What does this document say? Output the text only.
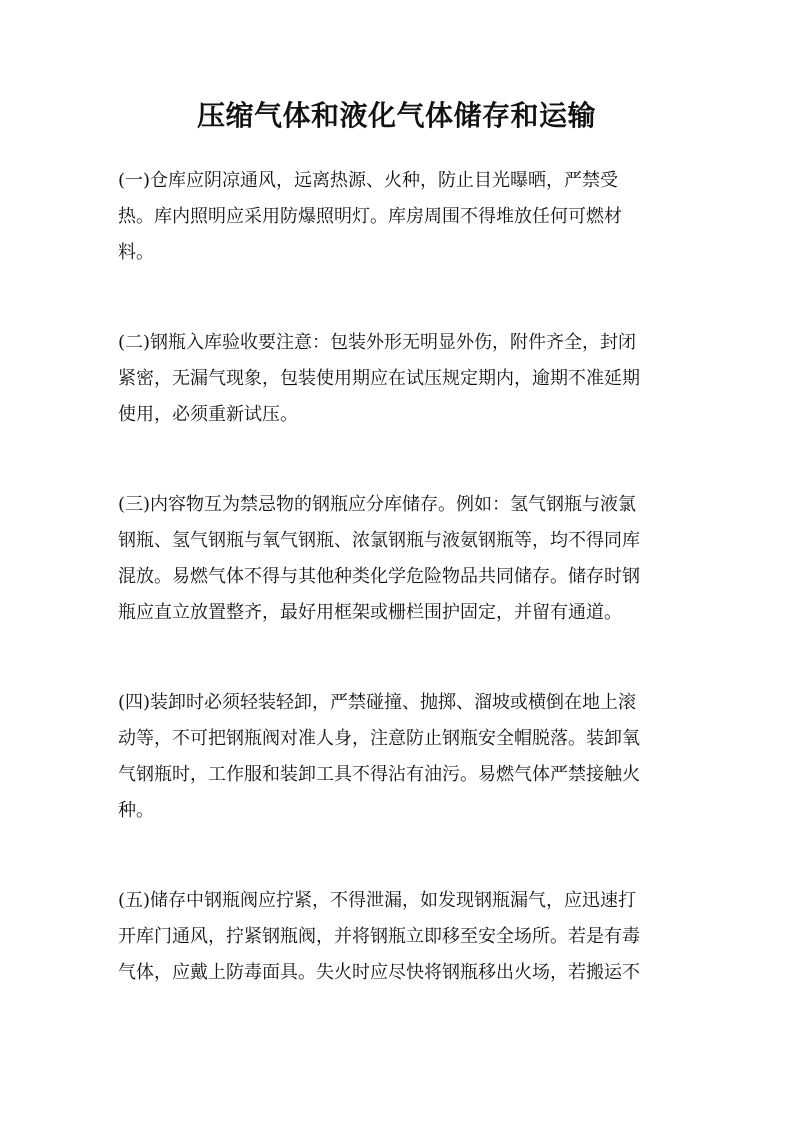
压缩气体和液化气体储存和运输

(一)仓库应阴凉通风，远离热源、火种，防止目光曝晒，严禁受
热。库内照明应采用防爆照明灯。库房周围不得堆放任何可燃材
料。

(二)钢瓶入库验收要注意：包装外形无明显外伤，附件齐全，封闭
紧密，无漏气现象，包装使用期应在试压规定期内，逾期不准延期
使用，必须重新试压。

(三)内容物互为禁忌物的钢瓶应分库储存。例如：氢气钢瓶与液氯
钢瓶、氢气钢瓶与氧气钢瓶、浓氯钢瓶与液氨钢瓶等，均不得同库
混放。易燃气体不得与其他种类化学危险物品共同储存。储存时钢
瓶应直立放置整齐，最好用框架或栅栏围护固定，并留有通道。

(四)装卸时必须轻装轻卸，严禁碰撞、抛掷、溜坡或横倒在地上滚
动等，不可把钢瓶阀对准人身，注意防止钢瓶安全帽脱落。装卸氧
气钢瓶时，工作服和装卸工具不得沾有油污。易燃气体严禁接触火
种。

(五)储存中钢瓶阀应拧紧，不得泄漏，如发现钢瓶漏气，应迅速打
开库门通风，拧紧钢瓶阀，并将钢瓶立即移至安全场所。若是有毒
气体，应戴上防毒面具。失火时应尽快将钢瓶移出火场，若搬运不
